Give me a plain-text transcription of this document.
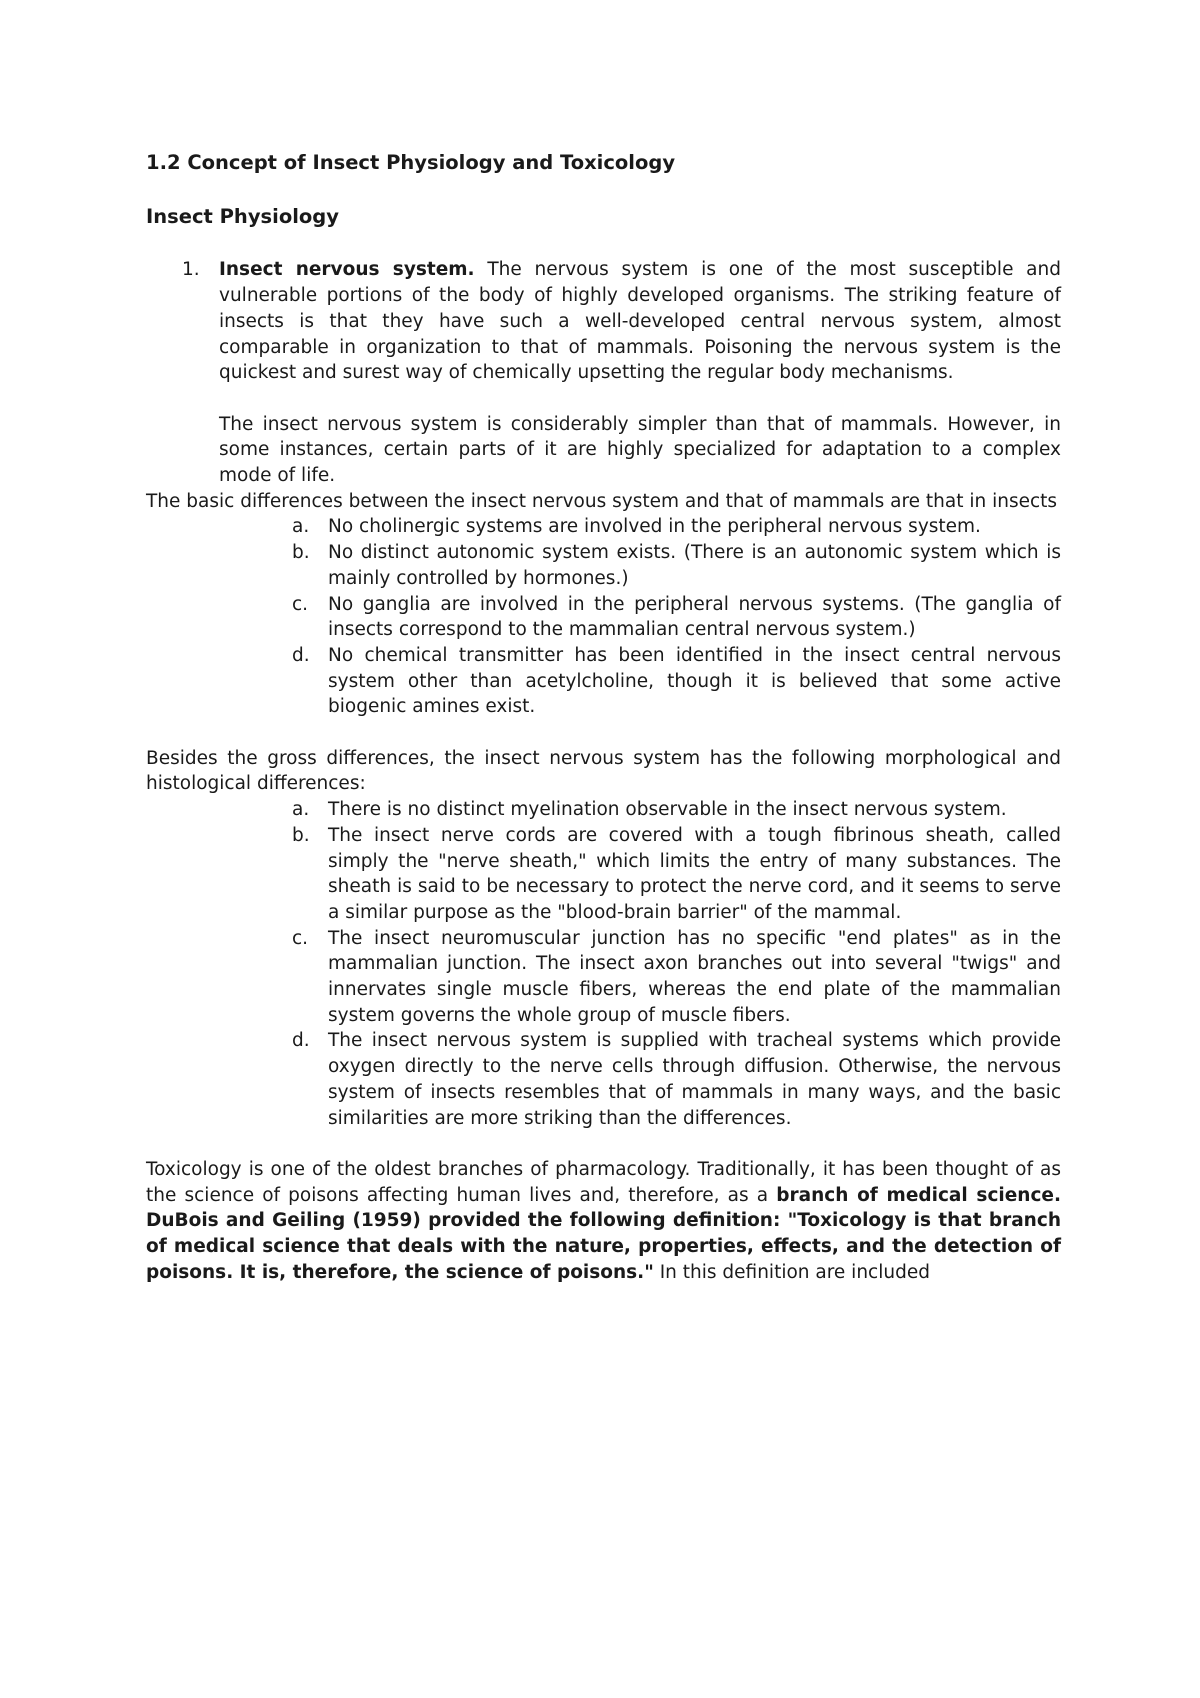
1.2 Concept of Insect Physiology and Toxicology
Insect Physiology
1. Insect nervous system. The nervous system is one of the most susceptible and vulnerable portions of the body of highly developed organisms. The striking feature of insects is that they have such a well-developed central nervous system, almost comparable in organization to that of mammals. Poisoning the nervous system is the quickest and surest way of chemically upsetting the regular body mechanisms.
The insect nervous system is considerably simpler than that of mammals. However, in some instances, certain parts of it are highly specialized for adaptation to a complex mode of life.
The basic differences between the insect nervous system and that of mammals are that in insects
a. No cholinergic systems are involved in the peripheral nervous system.
b. No distinct autonomic system exists. (There is an autonomic system which is mainly controlled by hormones.)
c. No ganglia are involved in the peripheral nervous systems. (The ganglia of insects correspond to the mammalian central nervous system.)
d. No chemical transmitter has been identified in the insect central nervous system other than acetylcholine, though it is believed that some active biogenic amines exist.
Besides the gross differences, the insect nervous system has the following morphological and histological differences:
a. There is no distinct myelination observable in the insect nervous system.
b. The insect nerve cords are covered with a tough fibrinous sheath, called simply the "nerve sheath," which limits the entry of many substances. The sheath is said to be necessary to protect the nerve cord, and it seems to serve a similar purpose as the "blood-brain barrier" of the mammal.
c. The insect neuromuscular junction has no specific "end plates" as in the mammalian junction. The insect axon branches out into several "twigs" and innervates single muscle fibers, whereas the end plate of the mammalian system governs the whole group of muscle fibers.
d. The insect nervous system is supplied with tracheal systems which provide oxygen directly to the nerve cells through diffusion. Otherwise, the nervous system of insects resembles that of mammals in many ways, and the basic similarities are more striking than the differences.
Toxicology is one of the oldest branches of pharmacology. Traditionally, it has been thought of as the science of poisons affecting human lives and, therefore, as a branch of medical science. DuBois and Geiling (1959) provided the following definition: "Toxicology is that branch of medical science that deals with the nature, properties, effects, and the detection of poisons. It is, therefore, the science of poisons." In this definition are included
